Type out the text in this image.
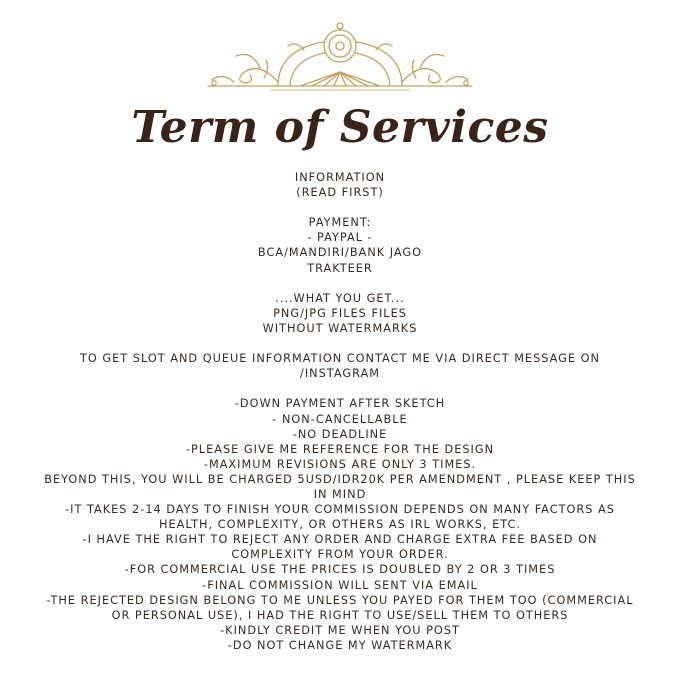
Term of Services

INFORMATION

(READ FIRST)

PAYMENT:

- PAYPAL -

BCA/MANDIRI/BANK JAGO

TRAKTEER

....WHAT YOU GET...

PNG/JPG FILES FILES

WITHOUT WATERMARKS

TO GET SLOT AND QUEUE INFORMATION CONTACT ME VIA DIRECT MESSAGE ON

/INSTAGRAM

-DOWN PAYMENT AFTER SKETCH

- NON-CANCELLABLE

-NO DEADLINE

-PLEASE GIVE ME REFERENCE FOR THE DESIGN

-MAXIMUM REVISIONS ARE ONLY 3 TIMES.

BEYOND THIS, YOU WILL BE CHARGED 5USD/IDR20K PER AMENDMENT , PLEASE KEEP THIS

IN MIND

-IT TAKES 2-14 DAYS TO FINISH YOUR COMMISSION DEPENDS ON MANY FACTORS AS

HEALTH, COMPLEXITY, OR OTHERS AS IRL WORKS, ETC.

-I HAVE THE RIGHT TO REJECT ANY ORDER AND CHARGE EXTRA FEE BASED ON

COMPLEXITY FROM YOUR ORDER.

-FOR COMMERCIAL USE THE PRICES IS DOUBLED BY 2 OR 3 TIMES

-FINAL COMMISSION WILL SENT VIA EMAIL

-THE REJECTED DESIGN BELONG TO ME UNLESS YOU PAYED FOR THEM TOO (COMMERCIAL

OR PERSONAL USE), I HAD THE RIGHT TO USE/SELL THEM TO OTHERS

-KINDLY CREDIT ME WHEN YOU POST

-DO NOT CHANGE MY WATERMARK
